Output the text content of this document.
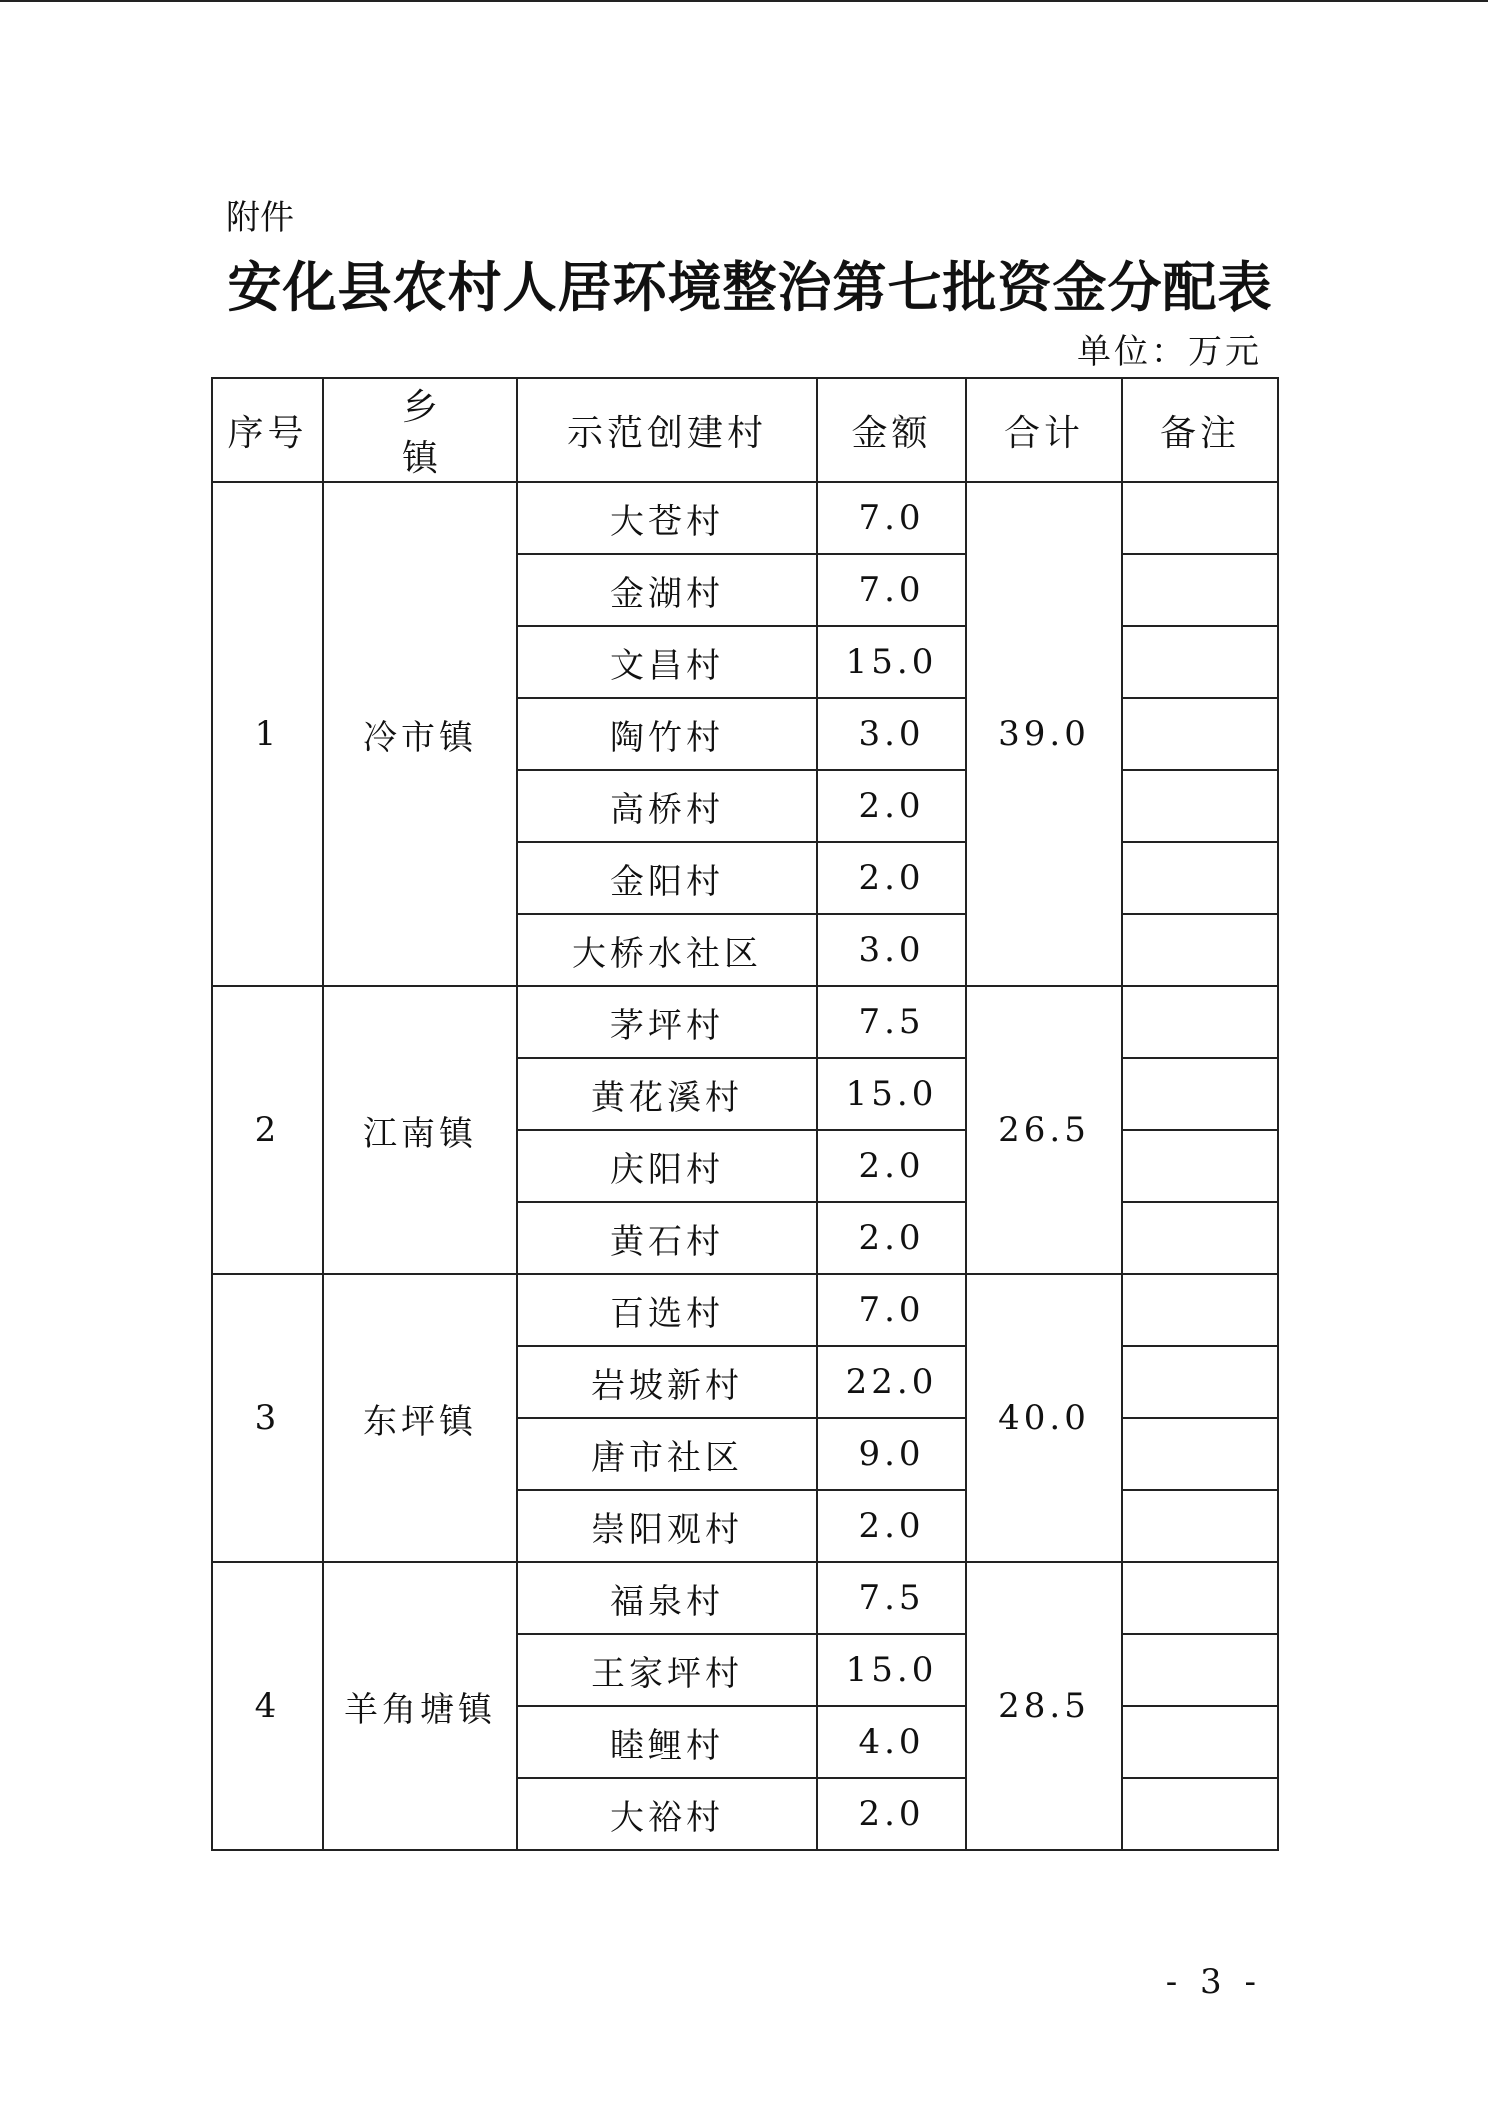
附件
安化县农村人居环境整治第七批资金分配表
单位：万元
序号	乡 镇	示范创建村	金额	合计	备注
1	冷市镇	大苍村	7.0	39.0	
		金湖村	7.0		
		文昌村	15.0		
		陶竹村	3.0		
		高桥村	2.0		
		金阳村	2.0		
		大桥水社区	3.0		
2	江南镇	茅坪村	7.5	26.5	
		黄花溪村	15.0		
		庆阳村	2.0		
		黄石村	2.0		
3	东坪镇	百选村	7.0	40.0	
		岩坡新村	22.0		
		唐市社区	9.0		
		崇阳观村	2.0		
4	羊角塘镇	福泉村	7.5	28.5	
		王家坪村	15.0		
		睦鲤村	4.0		
		大裕村	2.0		
- 3 -
